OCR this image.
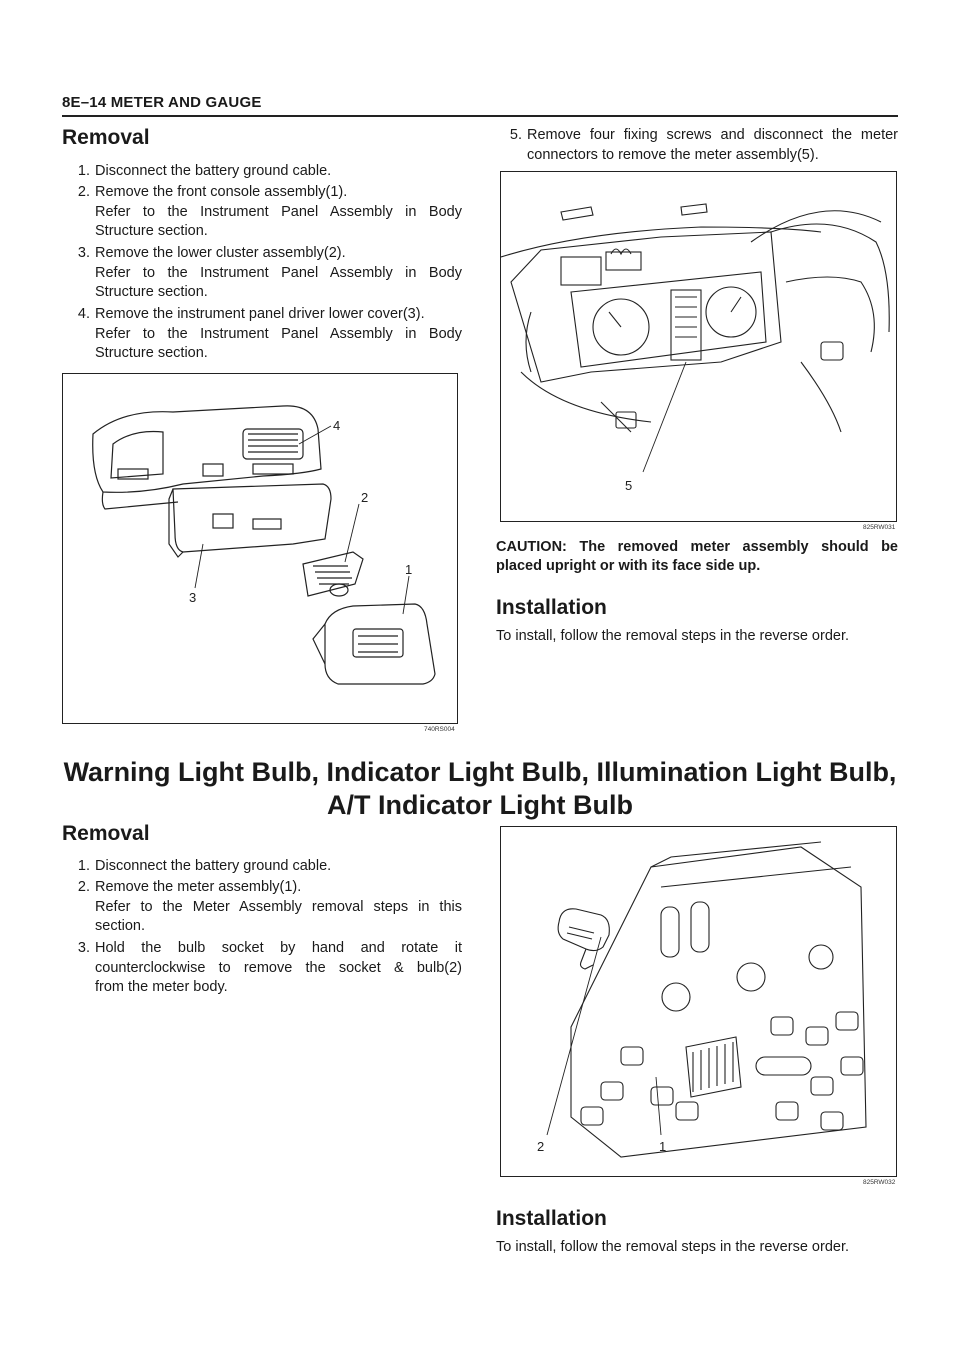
8E–14 METER AND GAUGE
Removal
1. Disconnect the battery ground cable.
2. Remove the front console assembly(1).
Refer to the Instrument Panel Assembly in Body
Structure section.
3. Remove the lower cluster assembly(2).
Refer to the Instrument Panel Assembly in Body
Structure section.
4. Remove the instrument panel driver lower cover(3).
Refer to the Instrument Panel Assembly in Body
Structure section.
4
2
1
3
740RS004
5. Remove four fixing screws and disconnect the meter
connectors to remove the meter assembly(5).
5
825RW031
CAUTION: The removed meter assembly should be
placed upright or with its face side up.
Installation
To install, follow the removal steps in the reverse order.
Warning Light Bulb, Indicator Light Bulb, Illumination Light Bulb,
A/T Indicator Light Bulb
Removal
1. Disconnect the battery ground cable.
2. Remove the meter assembly(1).
Refer to the Meter Assembly removal steps in this
section.
3. Hold the bulb socket by hand and rotate it
counterclockwise to remove the socket & bulb(2)
from the meter body.
2	1
825RW032
Installation
To install, follow the removal steps in the reverse order.
